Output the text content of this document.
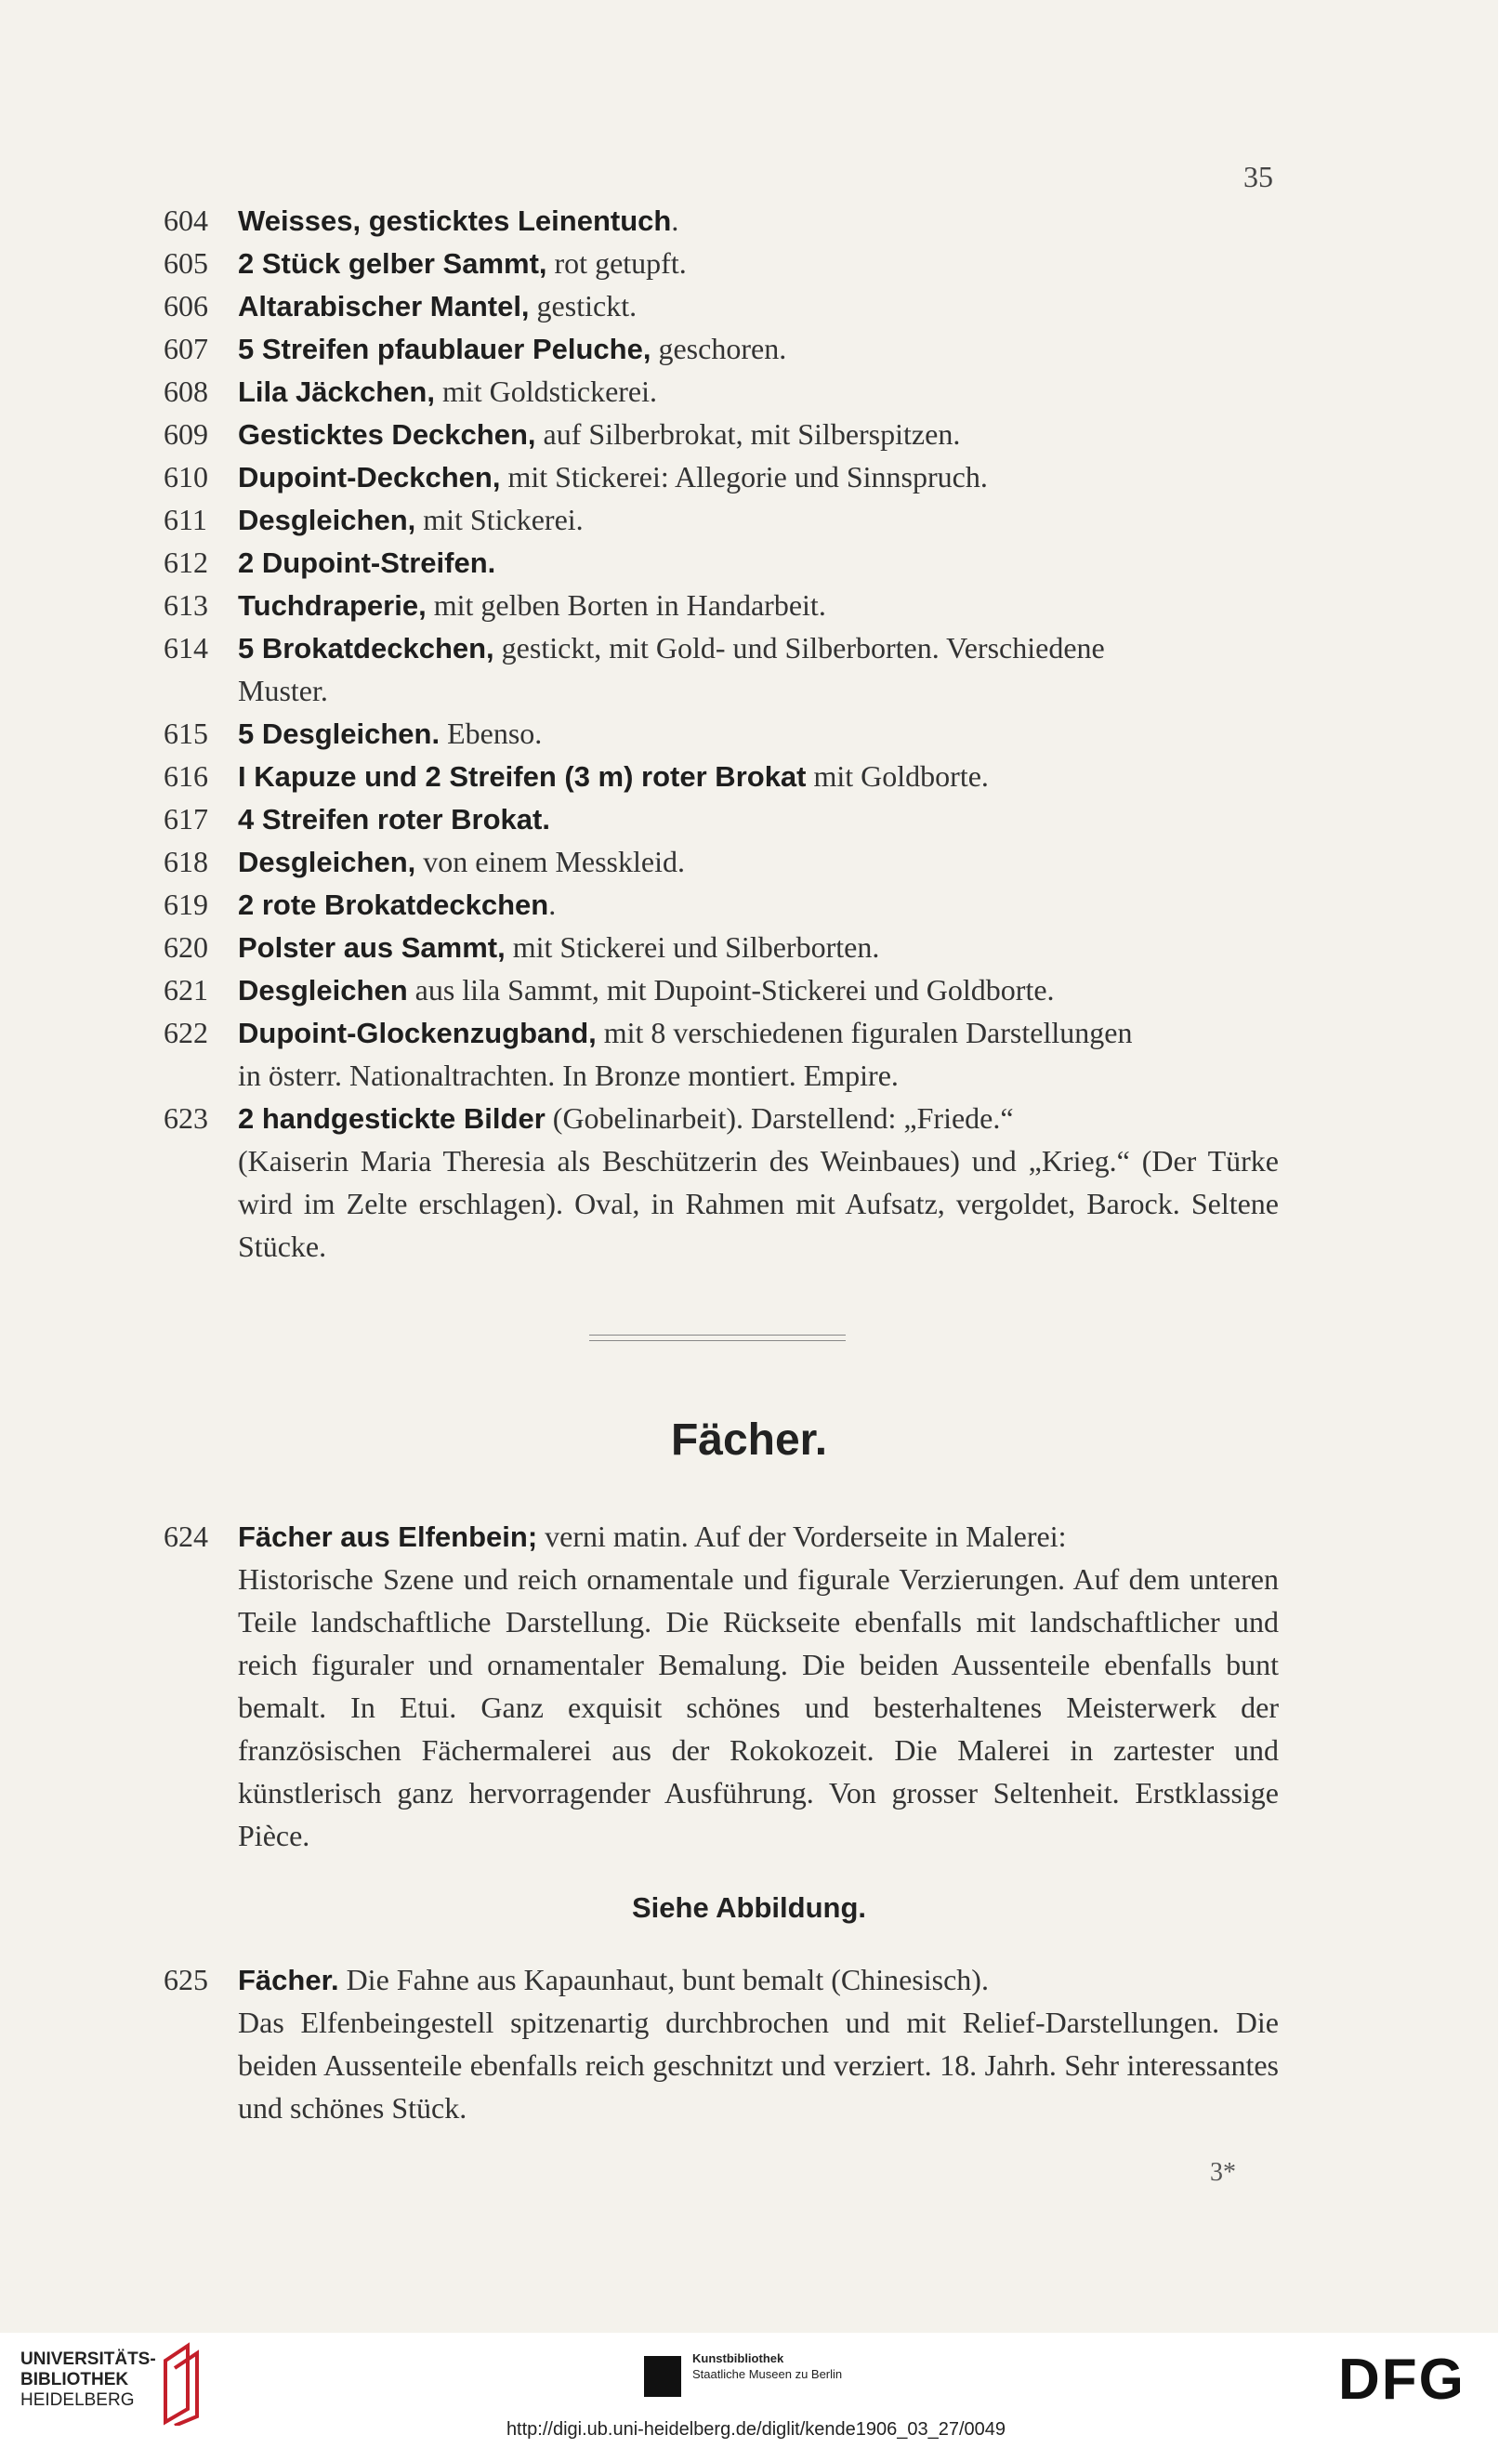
35
604 Weisses, gesticktes Leinentuch.
605 2 Stück gelber Sammt, rot getupft.
606 Altarabischer Mantel, gestickt.
607 5 Streifen pfaublauer Peluche, geschoren.
608 Lila Jäckchen, mit Goldstickerei.
609 Gesticktes Deckchen, auf Silberbrokat, mit Silberspitzen.
610 Dupoint-Deckchen, mit Stickerei: Allegorie und Sinnspruch.
611 Desgleichen, mit Stickerei.
612 2 Dupoint-Streifen.
613 Tuchdraperie, mit gelben Borten in Handarbeit.
614 5 Brokatdeckchen, gestickt, mit Gold- und Silberborten. Verschiedene
Muster.
615 5 Desgleichen. Ebenso.
616 I Kapuze und 2 Streifen (3 m) roter Brokat mit Goldborte.
617 4 Streifen roter Brokat.
618 Desgleichen, von einem Messkleid.
619 2 rote Brokatdeckchen.
620 Polster aus Sammt, mit Stickerei und Silberborten.
621 Desgleichen aus lila Sammt, mit Dupoint-Stickerei und Goldborte.
622 Dupoint-Glockenzugband, mit 8 verschiedenen figuralen Darstellungen
in österr. Nationaltrachten. In Bronze montiert. Empire.
623 2 handgestickte Bilder (Gobelinarbeit). Darstellend: „Friede.“
(Kaiserin Maria Theresia als Beschützerin des Weinbaues) und „Krieg.“ (Der Türke wird im Zelte erschlagen). Oval, in Rahmen mit Aufsatz, vergoldet, Barock. Seltene Stücke.
Fächer.
624 Fächer aus Elfenbein; verni matin. Auf der Vorderseite in Malerei:
Historische Szene und reich ornamentale und figurale Verzierungen. Auf dem unteren Teile landschaftliche Darstellung. Die Rückseite ebenfalls mit landschaftlicher und reich figuraler und ornamentaler Bemalung. Die beiden Aussenteile ebenfalls bunt bemalt. In Etui. Ganz exquisit schönes und besterhaltenes Meisterwerk der französischen Fächermalerei aus der Rokokozeit. Die Malerei in zartester und künstlerisch ganz hervorragender Ausführung. Von grosser Seltenheit. Erstklassige Pièce.
Siehe Abbildung.
625 Fächer. Die Fahne aus Kapaunhaut, bunt bemalt (Chinesisch).
Das Elfenbeingestell spitzenartig durchbrochen und mit Relief-Darstellungen. Die beiden Aussenteile ebenfalls reich geschnitzt und verziert. 18. Jahrh. Sehr interessantes und schönes Stück.
3*
UNIVERSITÄTS-
BIBLIOTHEK
HEIDELBERG
Kunstbibliothek
Staatliche Museen zu Berlin	DFG
http://digi.ub.uni-heidelberg.de/diglit/kende1906_03_27/0049
